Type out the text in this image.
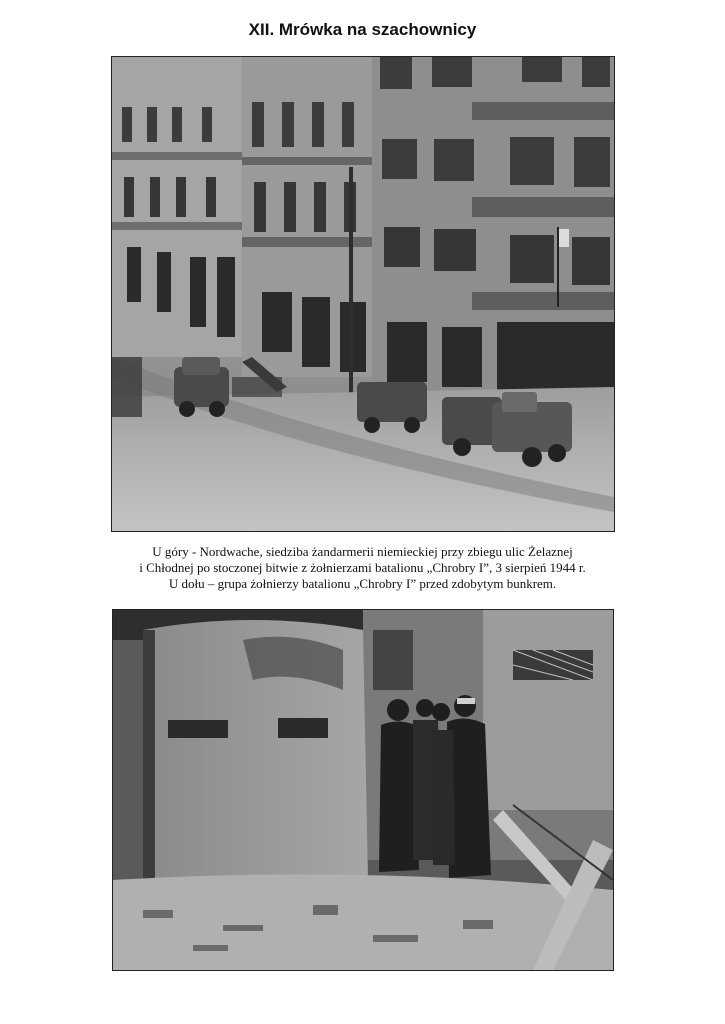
XII. Mrówka na szachownicy
U góry - Nordwache, siedziba żandarmerii niemieckiej przy zbiegu ulic Żelaznej
i Chłodnej po stoczonej bitwie z żołnierzami batalionu „Chrobry I”, 3 sierpień 1944 r.
U dołu – grupa żołnierzy batalionu „Chrobry I” przed zdobytym bunkrem.
